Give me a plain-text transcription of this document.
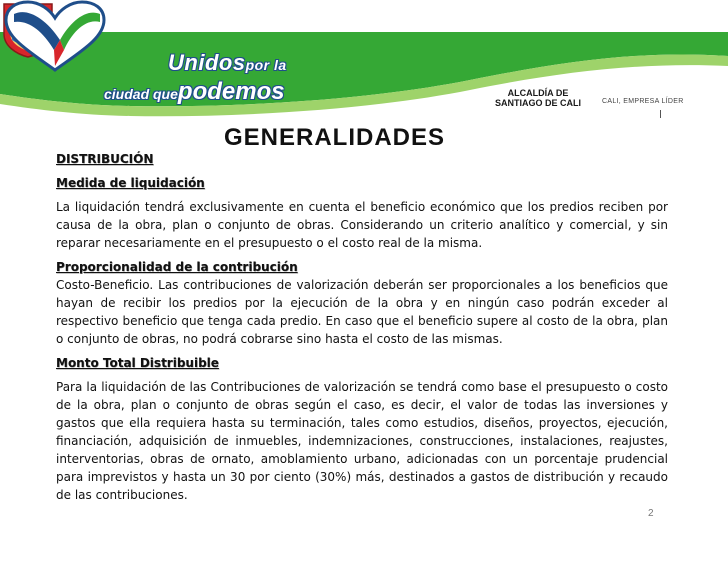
Unidospor la
ciudad quepodemos	ALCALDÍA DE
SANTIAGO DE CALI	CALI, EMPRESA LÍDER
GENERALIDADES

DISTRIBUCIÓN

Medida de liquidación

La liquidación tendrá exclusivamente en cuenta el beneficio económico que los predios reciben por causa de la obra, plan o conjunto de obras. Considerando un criterio analítico y comercial, y sin reparar necesariamente en el presupuesto o el costo real de la misma.

Proporcionalidad de la contribución

Costo-Beneficio. Las contribuciones de valorización deberán ser proporcionales a los beneficios que hayan de recibir los predios por la ejecución de la obra y en ningún caso podrán exceder al respectivo beneficio que tenga cada predio. En caso que el beneficio supere al costo de la obra, plan o conjunto de obras, no podrá cobrarse sino hasta el costo de las mismas.

Monto Total Distribuible

Para la liquidación de las Contribuciones de valorización se tendrá como base el presupuesto o costo de la obra, plan o conjunto de obras según el caso, es decir, el valor de todas las inversiones y gastos que ella requiera hasta su terminación, tales como estudios, diseños, proyectos, ejecución, financiación, adquisición de inmuebles, indemnizaciones, construcciones, instalaciones, reajustes, interventorias, obras de ornato, amoblamiento urbano, adicionadas con un porcentaje prudencial para imprevistos y hasta un 30 por ciento (30%) más, destinados a gastos de distribución y recaudo de las contribuciones.

2
